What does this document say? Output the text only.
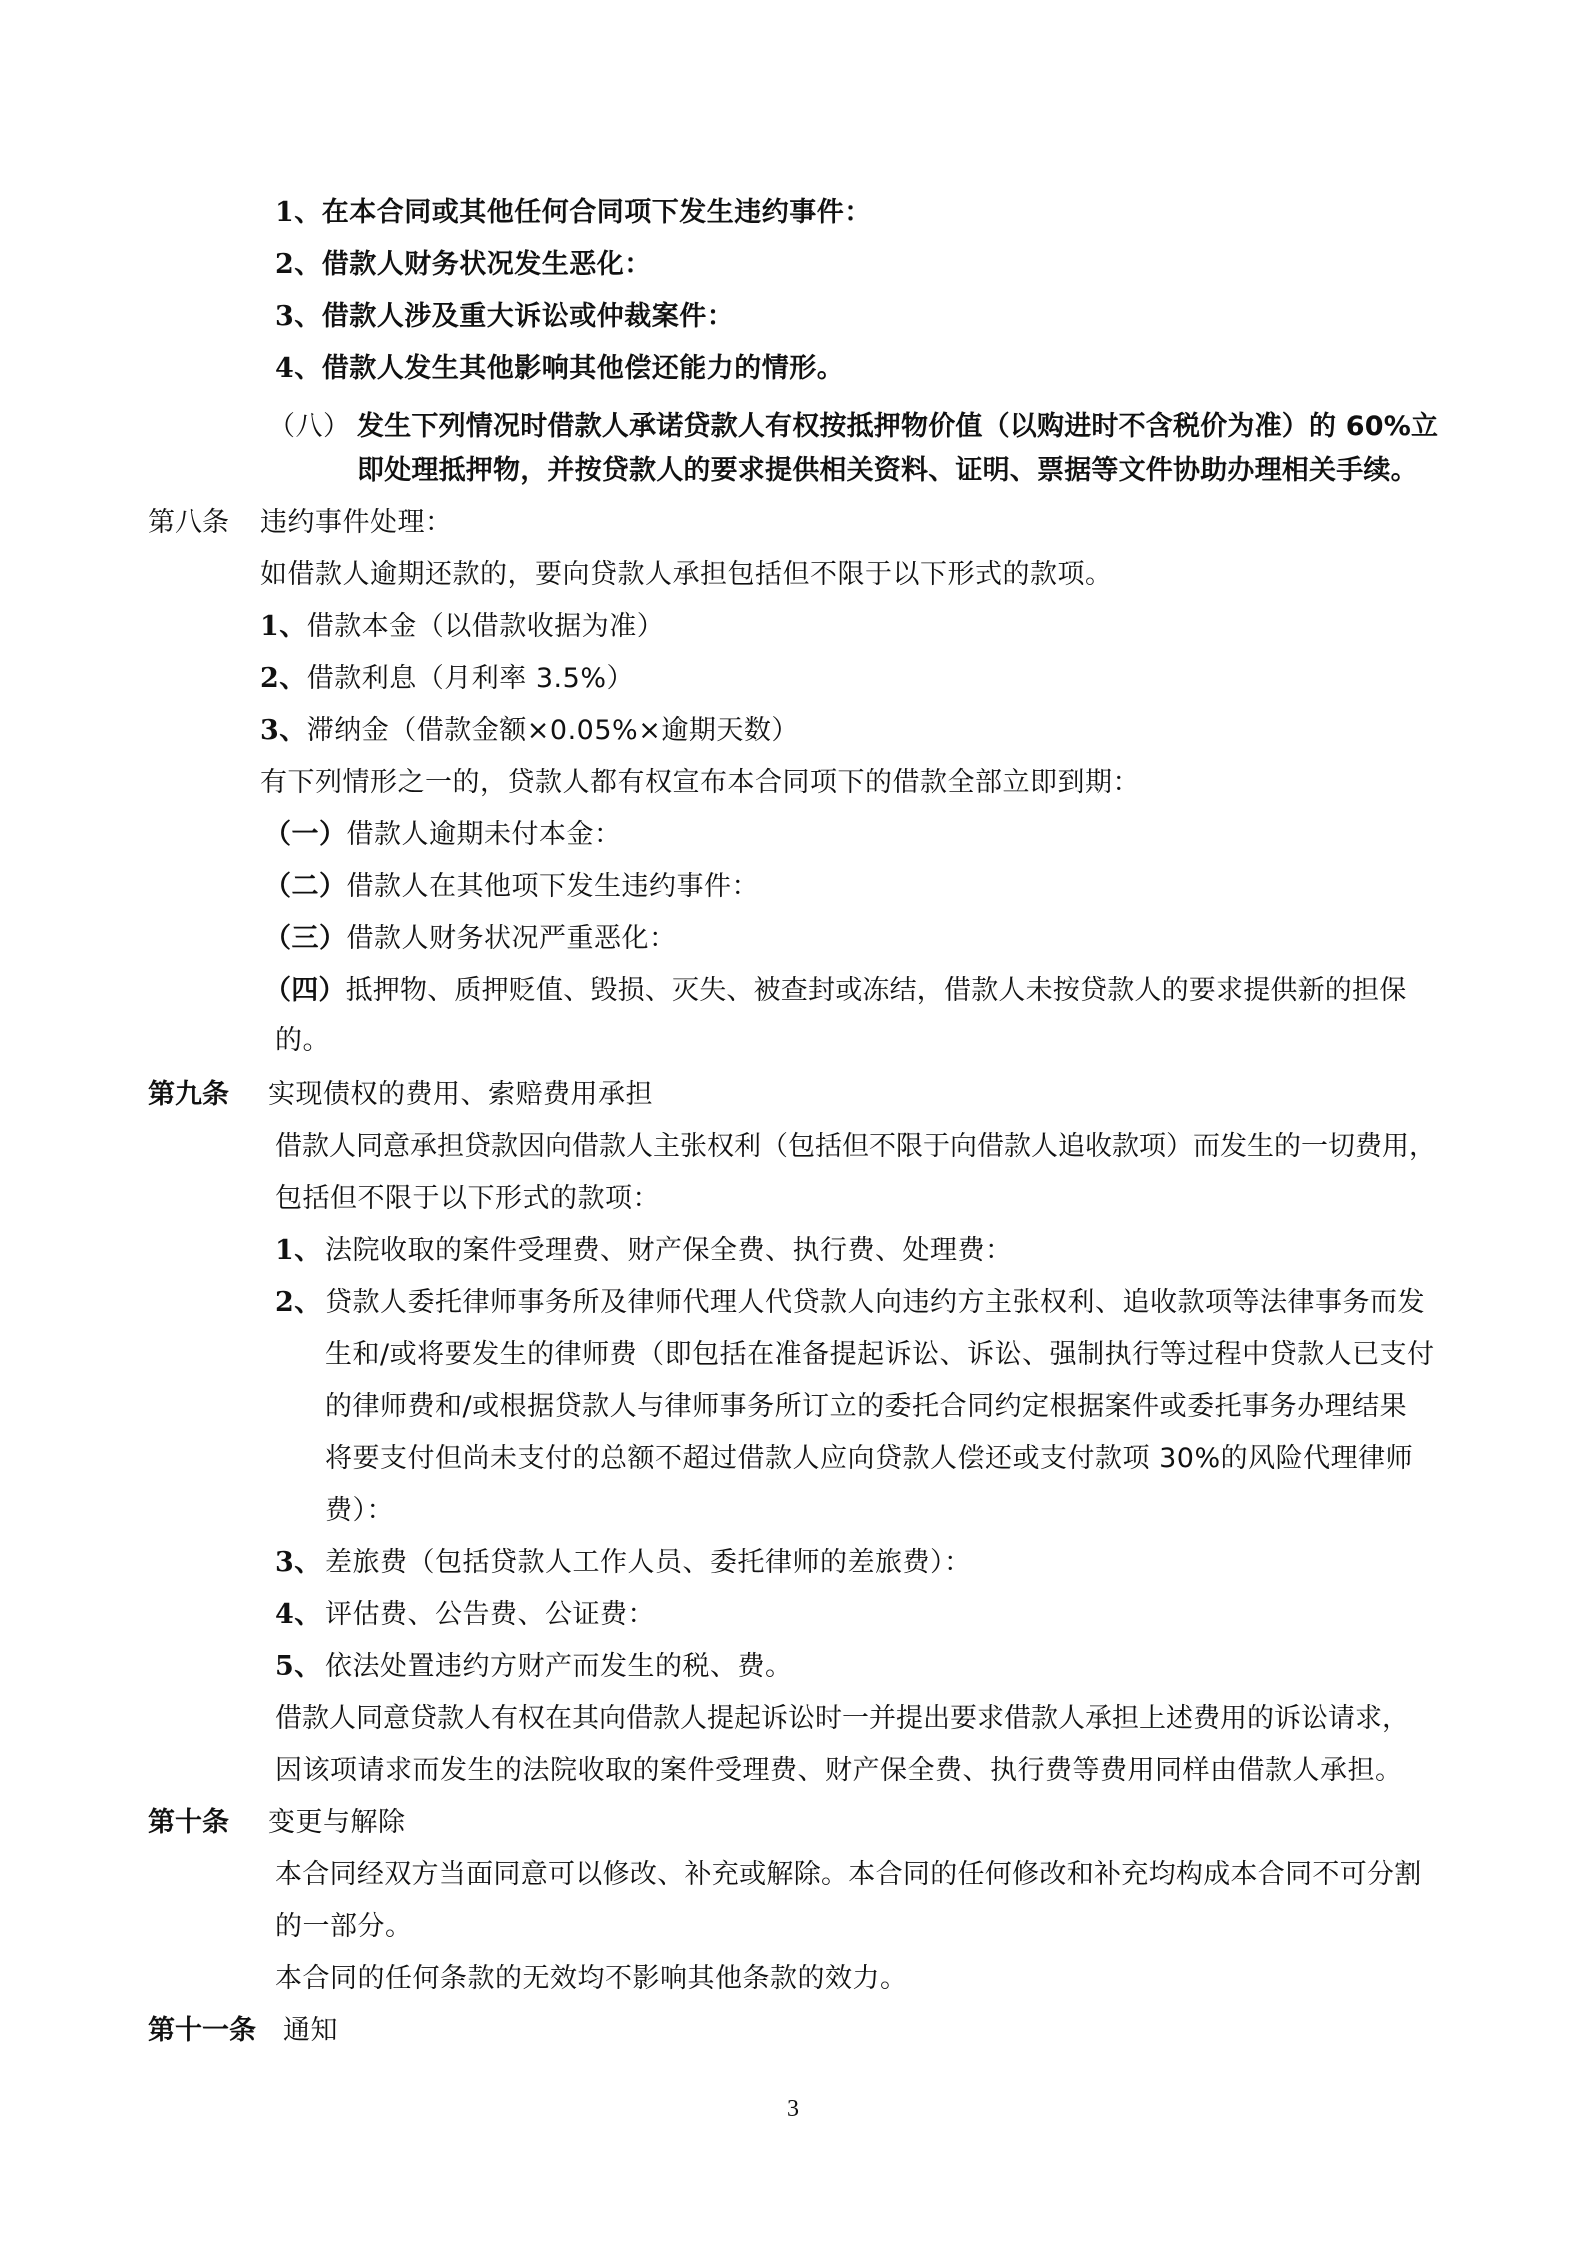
1、在本合同或其他任何合同项下发生违约事件：
2、借款人财务状况发生恶化：
3、借款人涉及重大诉讼或仲裁案件：
4、借款人发生其他影响其他偿还能力的情形。
（八） 发生下列情况时借款人承诺贷款人有权按抵押物价值（以购进时不含税价为准）的 60%立
即处理抵押物，并按贷款人的要求提供相关资料、证明、票据等文件协助办理相关手续。
第八条 违约事件处理：
如借款人逾期还款的，要向贷款人承担包括但不限于以下形式的款项。
1、借款本金（以借款收据为准）
2、借款利息（月利率 3.5%）
3、滞纳金（借款金额×0.05%×逾期天数）
有下列情形之一的，贷款人都有权宣布本合同项下的借款全部立即到期：
（一）借款人逾期未付本金：
（二）借款人在其他项下发生违约事件：
（三）借款人财务状况严重恶化：
（四）抵押物、质押贬值、毁损、灭失、被查封或冻结，借款人未按贷款人的要求提供新的担保
的。
第九条 实现债权的费用、索赔费用承担
借款人同意承担贷款因向借款人主张权利（包括但不限于向借款人追收款项）而发生的一切费用，
包括但不限于以下形式的款项：
1、 法院收取的案件受理费、财产保全费、执行费、处理费：
2、 贷款人委托律师事务所及律师代理人代贷款人向违约方主张权利、追收款项等法律事务而发
生和/或将要发生的律师费（即包括在准备提起诉讼、诉讼、强制执行等过程中贷款人已支付
的律师费和/或根据贷款人与律师事务所订立的委托合同约定根据案件或委托事务办理结果
将要支付但尚未支付的总额不超过借款人应向贷款人偿还或支付款项 30%的风险代理律师
费）：
3、 差旅费（包括贷款人工作人员、委托律师的差旅费）：
4、 评估费、公告费、公证费：
5、 依法处置违约方财产而发生的税、费。
借款人同意贷款人有权在其向借款人提起诉讼时一并提出要求借款人承担上述费用的诉讼请求，
因该项请求而发生的法院收取的案件受理费、财产保全费、执行费等费用同样由借款人承担。
第十条 变更与解除
本合同经双方当面同意可以修改、补充或解除。本合同的任何修改和补充均构成本合同不可分割
的一部分。
本合同的任何条款的无效均不影响其他条款的效力。
第十一条 通知
3
